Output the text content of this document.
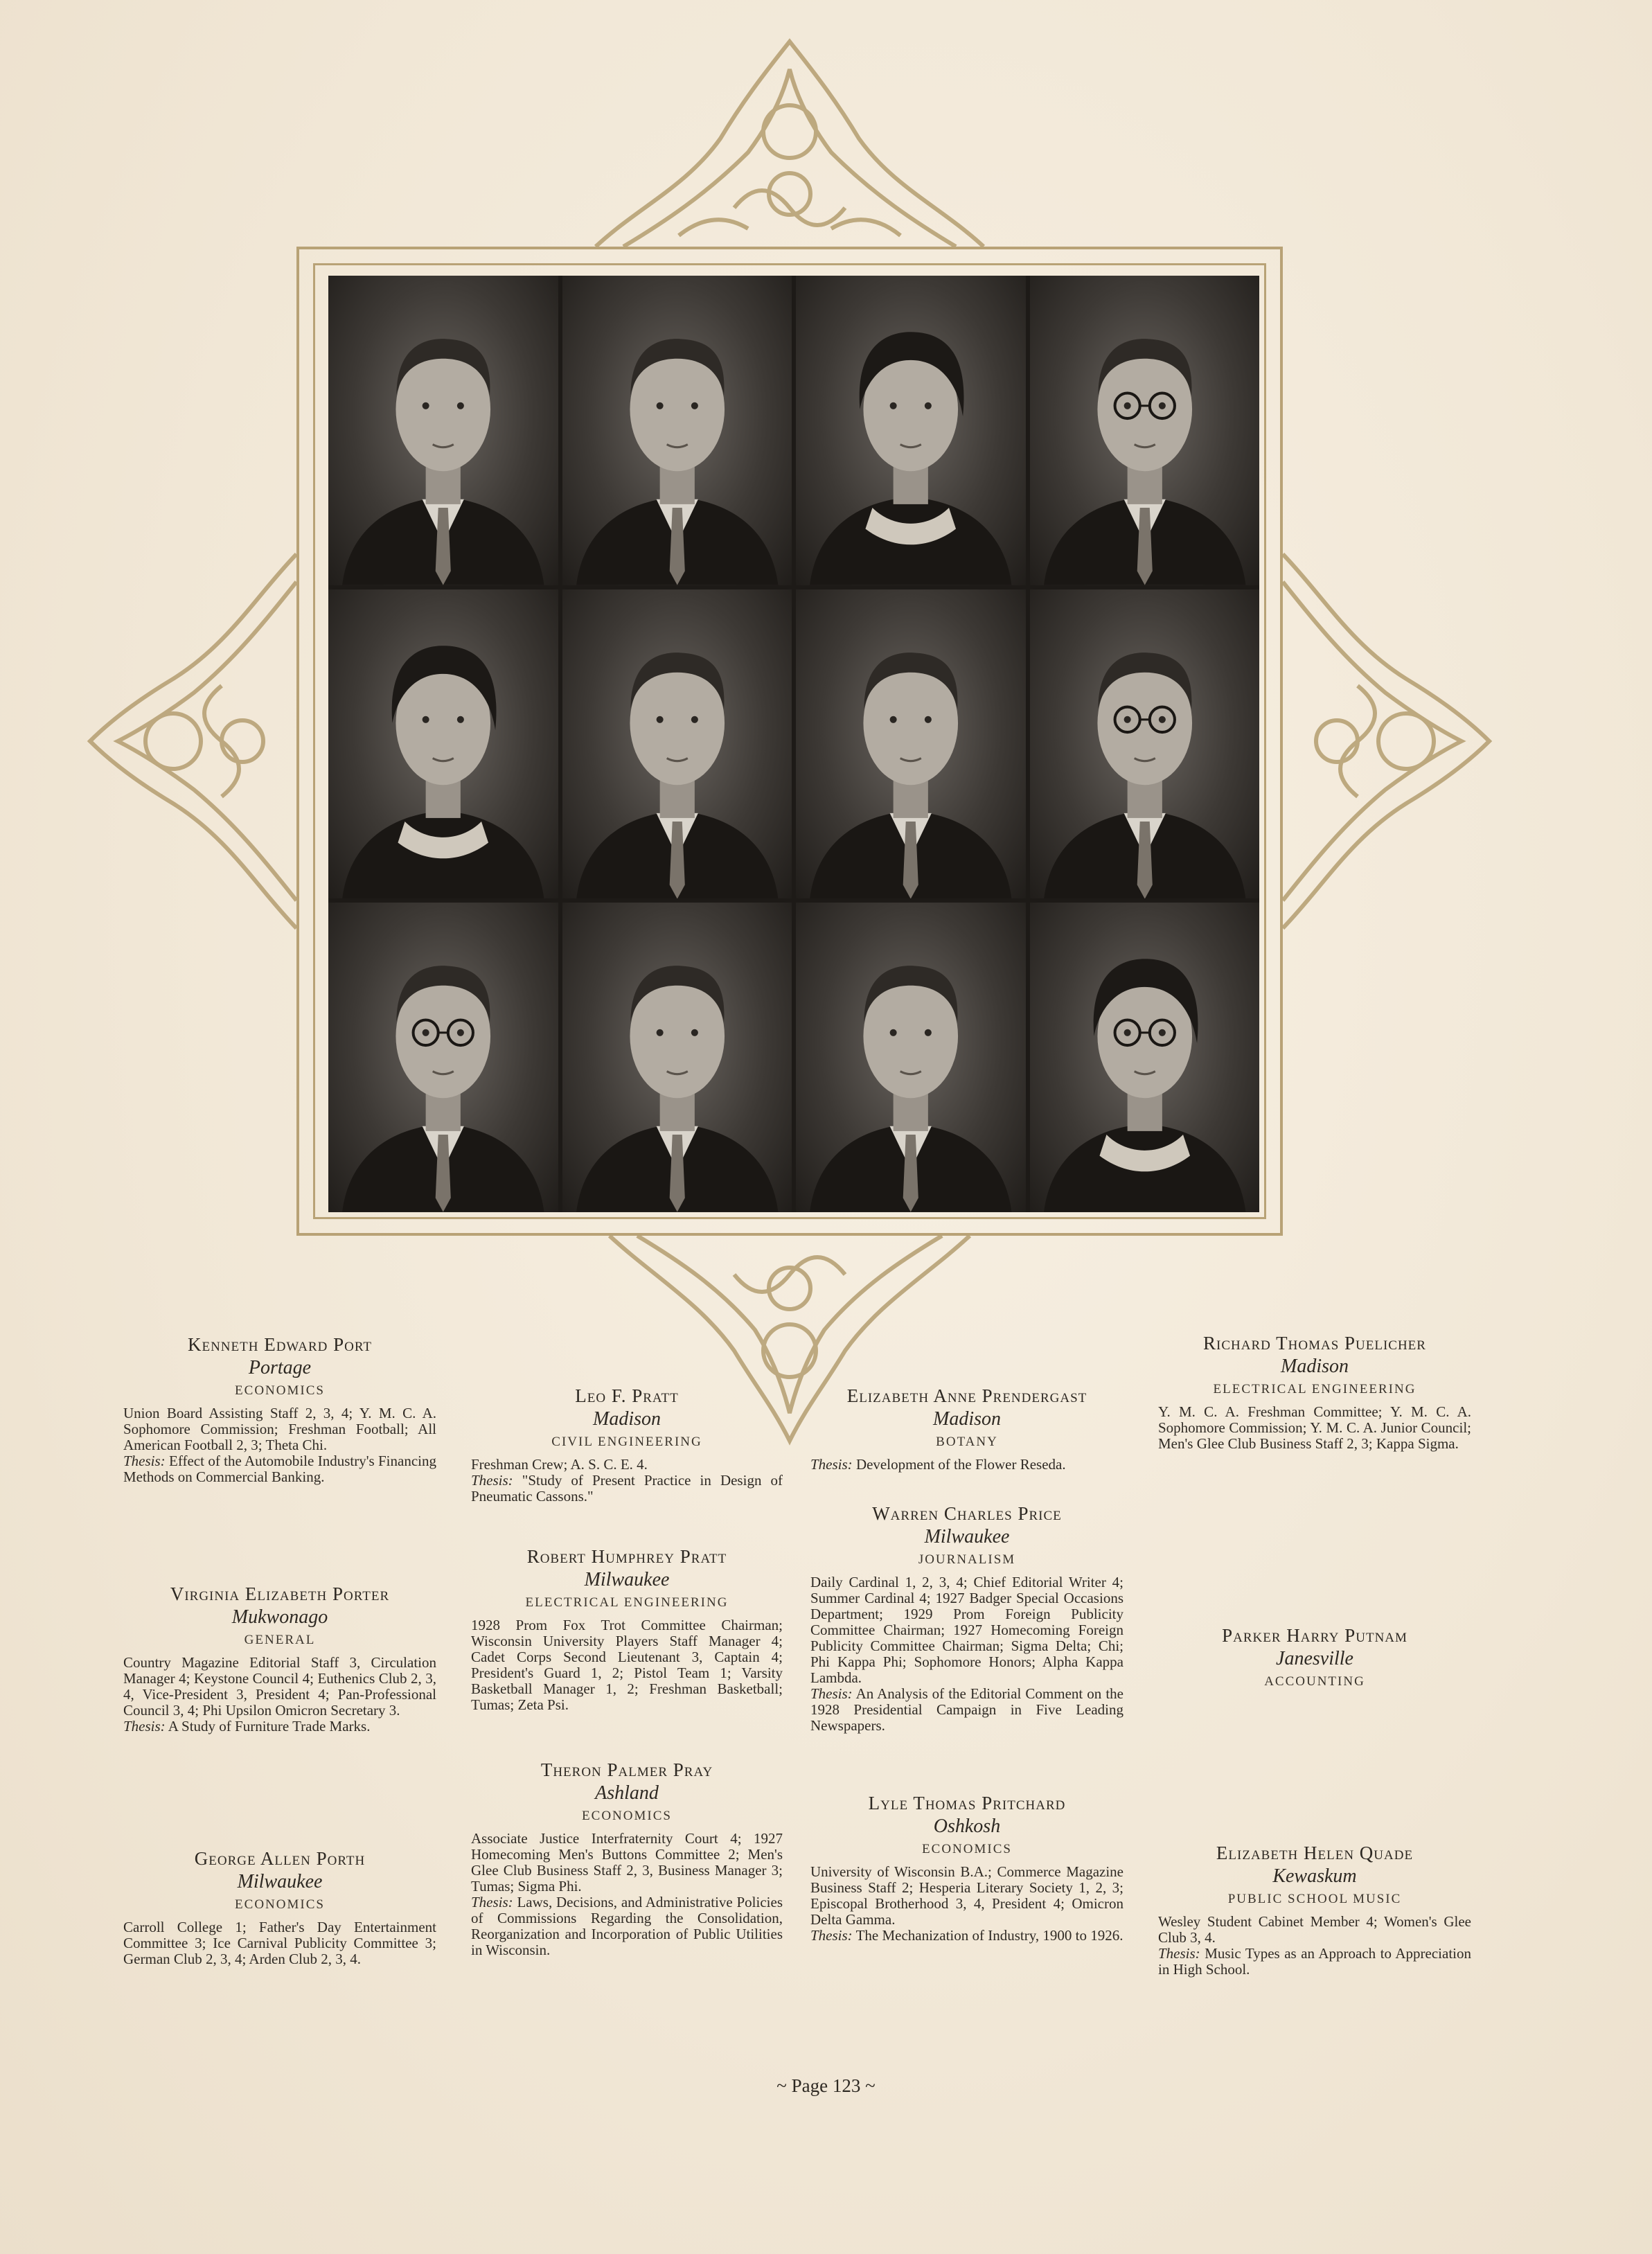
Kenneth Edward Port
Portage
ECONOMICS
Union Board Assisting Staff 2, 3, 4; Y. M. C. A. Sophomore Commission; Freshman Football; All American Football 2, 3; Theta Chi.
Thesis: Effect of the Automobile Industry's Financing Methods on Commercial Banking.
Virginia Elizabeth Porter
Mukwonago
GENERAL
Country Magazine Editorial Staff 3, Circulation Manager 4; Keystone Council 4; Euthenics Club 2, 3, 4, Vice-President 3, President 4; Pan-Professional Council 3, 4; Phi Upsilon Omicron Secretary 3.
Thesis: A Study of Furniture Trade Marks.
George Allen Porth
Milwaukee
ECONOMICS
Carroll College 1; Father's Day Entertainment Committee 3; Ice Carnival Publicity Committee 3; German Club 2, 3, 4; Arden Club 2, 3, 4.
Leo F. Pratt
Madison
CIVIL ENGINEERING
Freshman Crew; A. S. C. E. 4.
Thesis: "Study of Present Practice in Design of Pneumatic Cassons."
Robert Humphrey Pratt
Milwaukee
ELECTRICAL ENGINEERING
1928 Prom Fox Trot Committee Chairman; Wisconsin University Players Staff Manager 4; Cadet Corps Second Lieutenant 3, Captain 4; President's Guard 1, 2; Pistol Team 1; Varsity Basketball Manager 1, 2; Freshman Basketball; Tumas; Zeta Psi.
Theron Palmer Pray
Ashland
ECONOMICS
Associate Justice Interfraternity Court 4; 1927 Homecoming Men's Buttons Committee 2; Men's Glee Club Business Staff 2, 3, Business Manager 3; Tumas; Sigma Phi.
Thesis: Laws, Decisions, and Administrative Policies of Commissions Regarding the Consolidation, Reorganization and Incorporation of Public Utilities in Wisconsin.
Elizabeth Anne Prendergast
Madison
BOTANY
Thesis: Development of the Flower Reseda.
Warren Charles Price
Milwaukee
JOURNALISM
Daily Cardinal 1, 2, 3, 4; Chief Editorial Writer 4; Summer Cardinal 4; 1927 Badger Special Occasions Department; 1929 Prom Foreign Publicity Committee Chairman; 1927 Homecoming Foreign Publicity Committee Chairman; Sigma Delta; Chi; Phi Kappa Phi; Sophomore Honors; Alpha Kappa Lambda.
Thesis: An Analysis of the Editorial Comment on the 1928 Presidential Campaign in Five Leading Newspapers.
Lyle Thomas Pritchard
Oshkosh
ECONOMICS
University of Wisconsin B.A.; Commerce Magazine Business Staff 2; Hesperia Literary Society 1, 2, 3; Episcopal Brotherhood 3, 4, President 4; Omicron Delta Gamma.
Thesis: The Mechanization of Industry, 1900 to 1926.
Richard Thomas Puelicher
Madison
ELECTRICAL ENGINEERING
Y. M. C. A. Freshman Committee; Y. M. C. A. Sophomore Commission; Y. M. C. A. Junior Council; Men's Glee Club Business Staff 2, 3; Kappa Sigma.
Parker Harry Putnam
Janesville
ACCOUNTING
Elizabeth Helen Quade
Kewaskum
PUBLIC SCHOOL MUSIC
Wesley Student Cabinet Member 4; Women's Glee Club 3, 4.
Thesis: Music Types as an Approach to Appreciation in High School.
~ Page 123 ~
